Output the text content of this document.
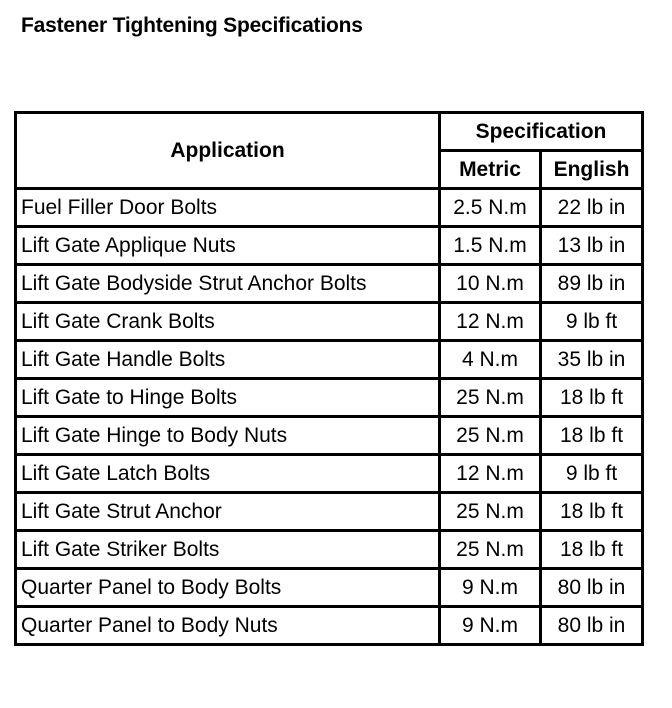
Fastener Tightening Specifications
Application	Specification	
	Metric	English
Fuel Filler Door Bolts	2.5 N.m	22 lb in
Lift Gate Applique Nuts	1.5 N.m	13 lb in
Lift Gate Bodyside Strut Anchor Bolts	10 N.m	89 lb in
Lift Gate Crank Bolts	12 N.m	9 lb ft
Lift Gate Handle Bolts	4 N.m	35 lb in
Lift Gate to Hinge Bolts	25 N.m	18 lb ft
Lift Gate Hinge to Body Nuts	25 N.m	18 lb ft
Lift Gate Latch Bolts	12 N.m	9 lb ft
Lift Gate Strut Anchor	25 N.m	18 lb ft
Lift Gate Striker Bolts	25 N.m	18 lb ft
Quarter Panel to Body Bolts	9 N.m	80 lb in
Quarter Panel to Body Nuts	9 N.m	80 lb in
